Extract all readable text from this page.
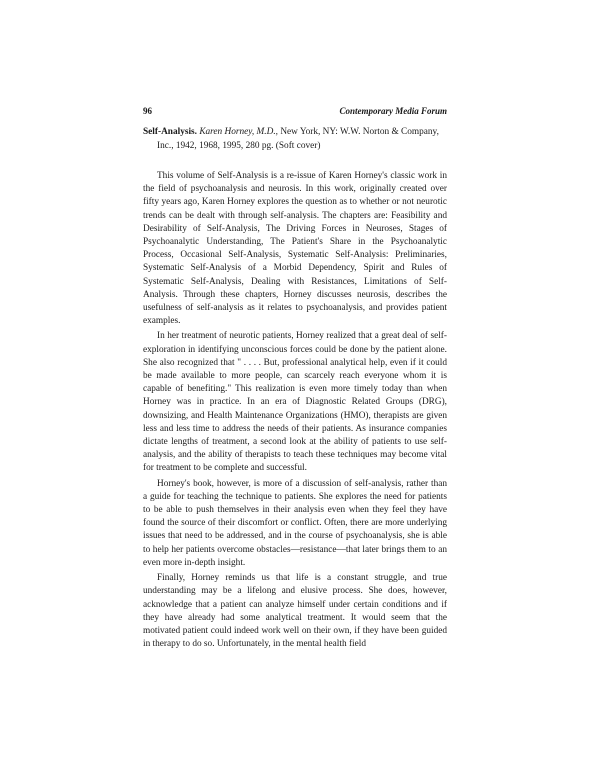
96	Contemporary Media Forum
Self-Analysis. Karen Horney, M.D., New York, NY: W.W. Norton & Company, Inc., 1942, 1968, 1995, 280 pg. (Soft cover)

This volume of Self-Analysis is a re-issue of Karen Horney's classic work in the field of psychoanalysis and neurosis. In this work, originally created over fifty years ago, Karen Horney explores the question as to whether or not neurotic trends can be dealt with through self-analysis. The chapters are: Feasibility and Desirability of Self-Analysis, The Driving Forces in Neuroses, Stages of Psychoanalytic Understanding, The Patient's Share in the Psychoanalytic Process, Occasional Self-Analysis, Systematic Self-Analysis: Preliminaries, Systematic Self-Analysis of a Morbid Dependency, Spirit and Rules of Systematic Self-Analysis, Dealing with Resistances, Limitations of Self-Analysis. Through these chapters, Horney discusses neurosis, describes the usefulness of self-analysis as it relates to psychoanalysis, and provides patient examples.

In her treatment of neurotic patients, Horney realized that a great deal of self-exploration in identifying unconscious forces could be done by the patient alone. She also recognized that " . . . . But, professional analytical help, even if it could be made available to more people, can scarcely reach everyone whom it is capable of benefiting." This realization is even more timely today than when Horney was in practice. In an era of Diagnostic Related Groups (DRG), downsizing, and Health Maintenance Organizations (HMO), therapists are given less and less time to address the needs of their patients. As insurance companies dictate lengths of treatment, a second look at the ability of patients to use self-analysis, and the ability of therapists to teach these techniques may become vital for treatment to be complete and successful.

Horney's book, however, is more of a discussion of self-analysis, rather than a guide for teaching the technique to patients. She explores the need for patients to be able to push themselves in their analysis even when they feel they have found the source of their discomfort or conflict. Often, there are more underlying issues that need to be addressed, and in the course of psychoanalysis, she is able to help her patients overcome obstacles—resistance—that later brings them to an even more in-depth insight.

Finally, Horney reminds us that life is a constant struggle, and true understanding may be a lifelong and elusive process. She does, however, acknowledge that a patient can analyze himself under certain conditions and if they have already had some analytical treatment. It would seem that the motivated patient could indeed work well on their own, if they have been guided in therapy to do so. Unfortunately, in the mental health field
